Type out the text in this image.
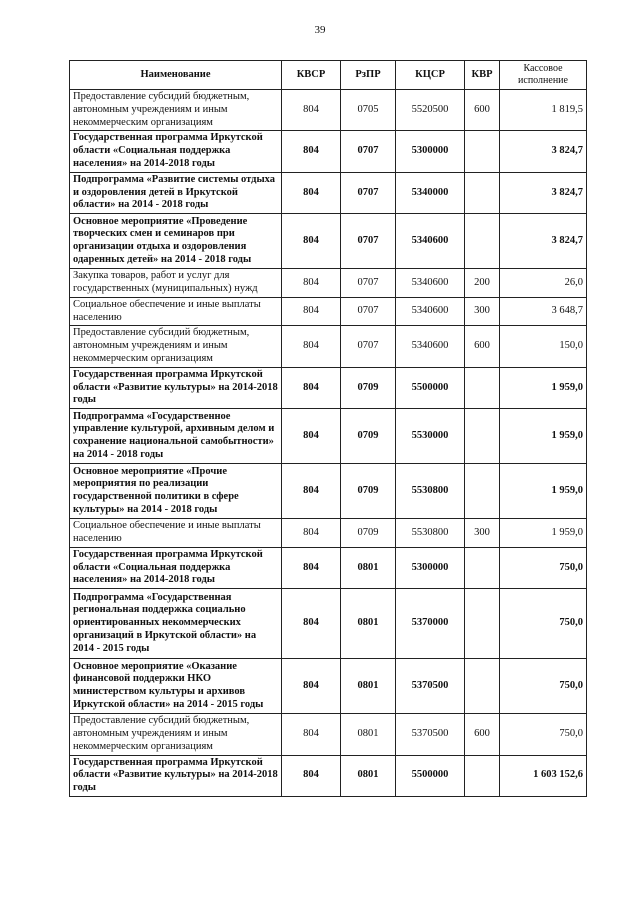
39
Наименование	КВСР	РзПР	КЦСР	КВР	Кассовое исполнение
Предоставление субсидий бюджетным, автономным учреждениям и иным некоммерческим организациям	804	0705	5520500	600	1 819,5
Государственная программа Иркутской области «Социальная поддержка населения» на 2014-2018 годы	804	0707	5300000		3 824,7
Подпрограмма «Развитие системы отдыха и оздоровления детей в Иркутской области» на 2014 - 2018 годы	804	0707	5340000		3 824,7
Основное мероприятие «Проведение творческих смен и семинаров при организации отдыха и оздоровления одаренных детей» на 2014 - 2018 годы	804	0707	5340600		3 824,7
Закупка товаров, работ и услуг для государственных (муниципальных) нужд	804	0707	5340600	200	26,0
Социальное обеспечение и иные выплаты населению	804	0707	5340600	300	3 648,7
Предоставление субсидий бюджетным, автономным учреждениям и иным некоммерческим организациям	804	0707	5340600	600	150,0
Государственная программа Иркутской области «Развитие культуры» на 2014-2018 годы	804	0709	5500000		1 959,0
Подпрограмма «Государственное управление культурой, архивным делом и сохранение национальной самобытности» на 2014 - 2018 годы	804	0709	5530000		1 959,0
Основное мероприятие «Прочие мероприятия по реализации государственной политики в сфере культуры» на 2014 - 2018 годы	804	0709	5530800		1 959,0
Социальное обеспечение и иные выплаты населению	804	0709	5530800	300	1 959,0
Государственная программа Иркутской области «Социальная поддержка населения» на 2014-2018 годы	804	0801	5300000		750,0
Подпрограмма «Государственная региональная поддержка социально ориентированных некоммерческих организаций в Иркутской области» на 2014 - 2015 годы	804	0801	5370000		750,0
Основное мероприятие «Оказание финансовой поддержки НКО министерством культуры и архивов Иркутской области» на 2014 - 2015 годы	804	0801	5370500		750,0
Предоставление субсидий бюджетным, автономным учреждениям и иным некоммерческим организациям	804	0801	5370500	600	750,0
Государственная программа Иркутской области «Развитие культуры» на 2014-2018 годы	804	0801	5500000		1 603 152,6
